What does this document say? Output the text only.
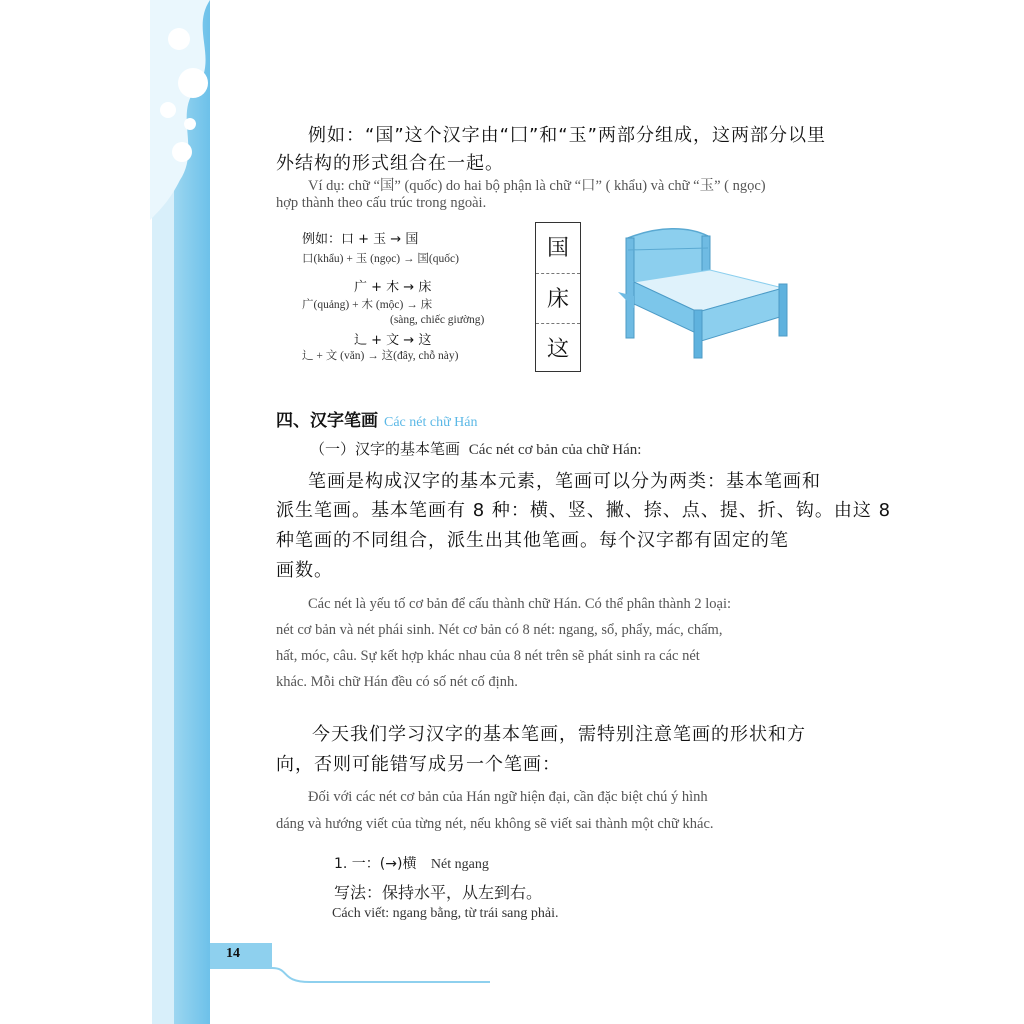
例如：“国”这个汉字由“囗”和“玉”两部分组成，这两部分以里
外结构的形式组合在一起。
Ví dụ: chữ “国” (quốc) do hai bộ phận là chữ “口” ( khẩu) và chữ “玉” ( ngọc)
hợp thành theo cấu trúc trong ngoài.
例如：口 + 玉 → 国
口(khẩu) + 玉 (ngọc) → 国(quốc)
广 + 木 → 床
广(quảng) + 木 (mộc) → 床
(sàng, chiếc giường)
辶 + 文 → 这
辶 + 文 (văn) → 这(đây, chỗ này)
国
床
这
四、汉字笔画 Các nét chữ Hán
（一）汉字的基本笔画 Các nét cơ bản của chữ Hán:
笔画是构成汉字的基本元素，笔画可以分为两类：基本笔画和
派生笔画。基本笔画有 8 种：横、竖、撇、捺、点、提、折、钩。由这 8
种笔画的不同组合，派生出其他笔画。每个汉字都有固定的笔
画数。
Các nét là yếu tố cơ bản để cấu thành chữ Hán. Có thể phân thành 2 loại:
nét cơ bản và nét phái sinh. Nét cơ bản có 8 nét: ngang, sổ, phẩy, mác, chấm,
hất, móc, câu. Sự kết hợp khác nhau của 8 nét trên sẽ phát sinh ra các nét
khác. Mỗi chữ Hán đều có số nét cố định.
今天我们学习汉字的基本笔画，需特别注意笔画的形状和方
向，否则可能错写成另一个笔画：
Đối với các nét cơ bản của Hán ngữ hiện đại, cần đặc biệt chú ý hình
dáng và hướng viết của từng nét, nếu không sẽ viết sai thành một chữ khác.
1. 一：(→)横 Nét ngang
写法：保持水平，从左到右。
Cách viết: ngang bằng, từ trái sang phải.
14
